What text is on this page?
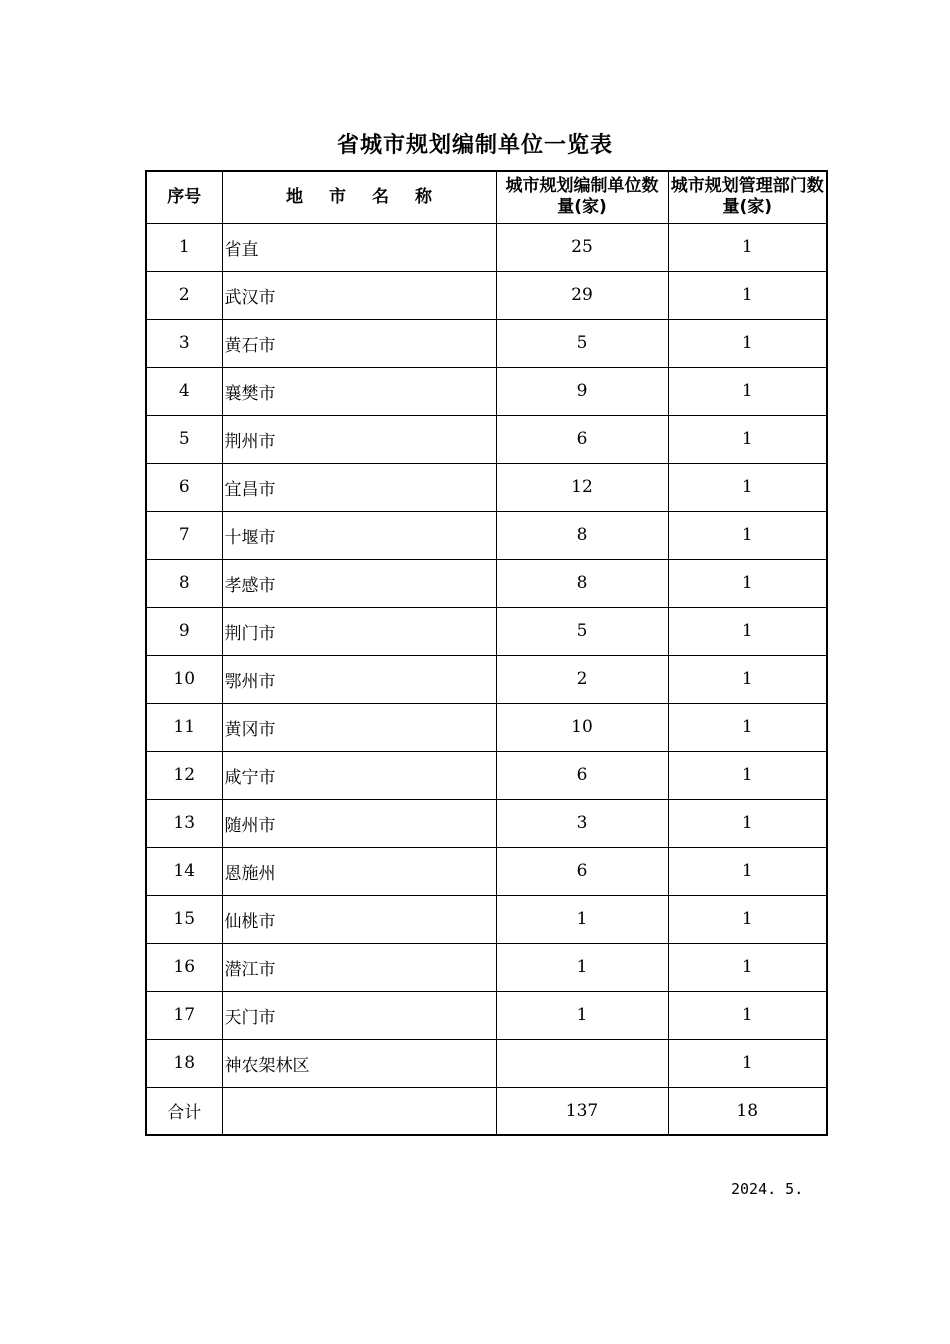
省城市规划编制单位一览表
序号	地市名称	城市规划编制单位数 量(家)	城市规划管理部门数量(家)
1	省直	25	1
2	武汉市	29	1
3	黄石市	5	1
4	襄樊市	9	1
5	荆州市	6	1
6	宜昌市	12	1
7	十堰市	8	1
8	孝感市	8	1
9	荆门市	5	1
10	鄂州市	2	1
11	黄冈市	10	1
12	咸宁市	6	1
13	随州市	3	1
14	恩施州	6	1
15	仙桃市	1	1
16	潜江市	1	1
17	天门市	1	1
18	神农架林区		1
合计		137	18
2024. 5.
